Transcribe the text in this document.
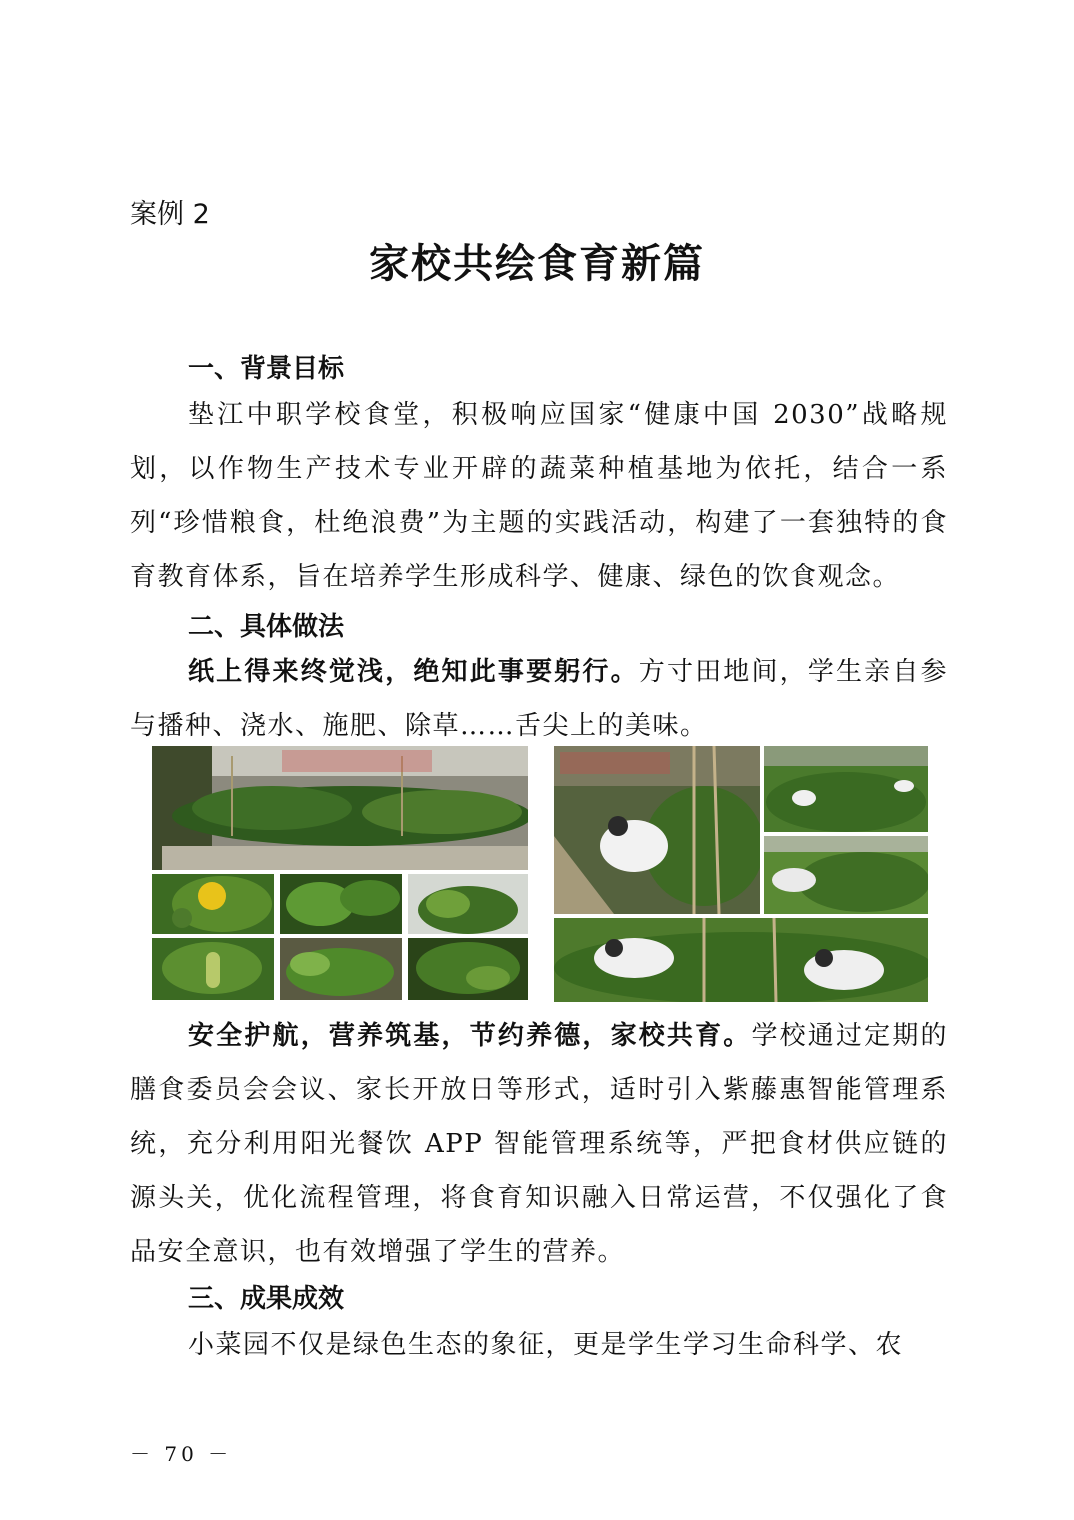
案例 2
家校共绘食育新篇
一、背景目标
垫江中职学校食堂，积极响应国家“健康中国 2030”战略规划，以作物生产技术专业开辟的蔬菜种植基地为依托，结合一系列“珍惜粮食，杜绝浪费”为主题的实践活动，构建了一套独特的食育教育体系，旨在培养学生形成科学、健康、绿色的饮食观念。
二、具体做法
纸上得来终觉浅，绝知此事要躬行。方寸田地间，学生亲自参与播种、浇水、施肥、除草……舌尖上的美味。
安全护航，营养筑基，节约养德，家校共育。学校通过定期的膳食委员会会议、家长开放日等形式，适时引入紫藤惠智能管理系统，充分利用阳光餐饮 APP 智能管理系统等，严把食材供应链的源头关，优化流程管理，将食育知识融入日常运营，不仅强化了食品安全意识，也有效增强了学生的营养。
三、成果成效
小菜园不仅是绿色生态的象征，更是学生学习生命科学、农
－ 70 －
